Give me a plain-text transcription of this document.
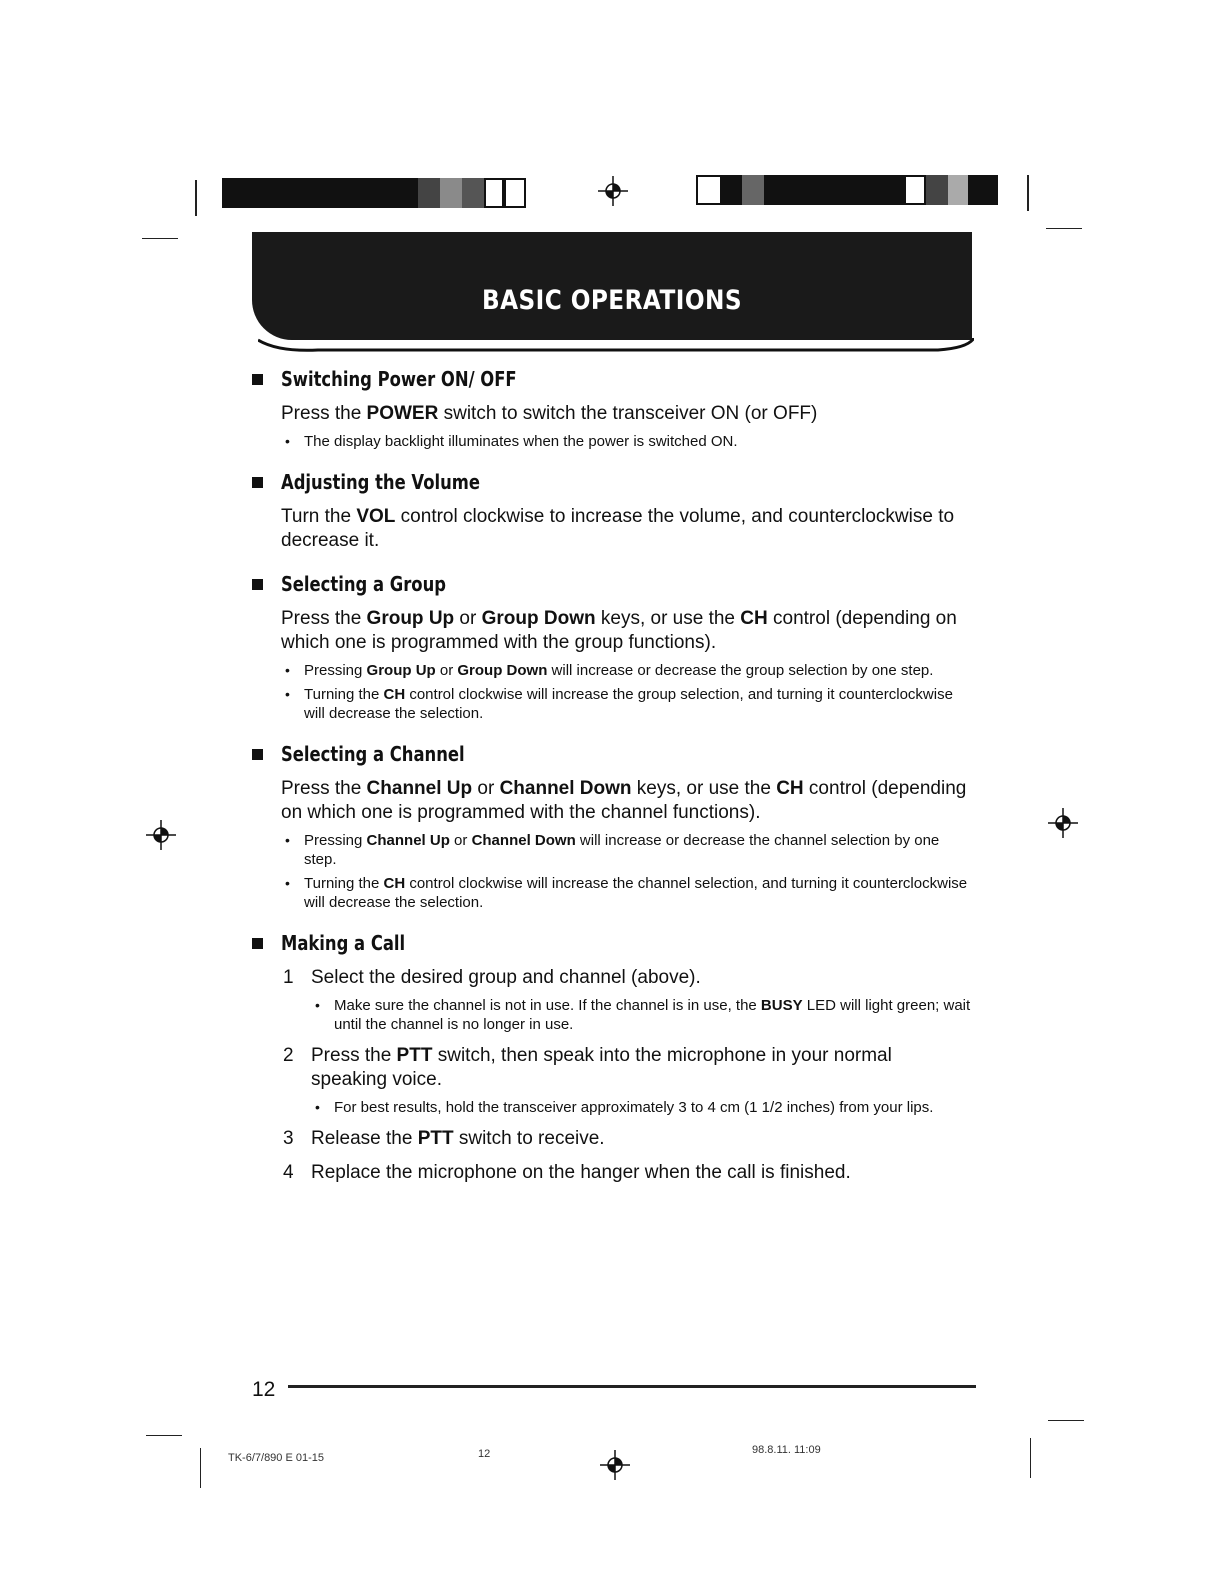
BASIC OPERATIONS
Switching Power ON/ OFF
Press the POWER switch to switch the transceiver ON (or OFF)
• The display backlight illuminates when the power is switched ON.
Adjusting the Volume
Turn the VOL control clockwise to increase the volume, and counterclockwise to decrease it.
Selecting a Group
Press the Group Up or Group Down keys, or use the CH control (depending on which one is programmed with the group functions).
• Pressing Group Up or Group Down will increase or decrease the group selection by one step.
• Turning the CH control clockwise will increase the group selection, and turning it counterclockwise will decrease the selection.
Selecting a Channel
Press the Channel Up or Channel Down keys, or use the CH control (depending on which one is programmed with the channel functions).
• Pressing Channel Up or Channel Down will increase or decrease the channel selection by one step.
• Turning the CH control clockwise will increase the channel selection, and turning it counterclockwise will decrease the selection.
Making a Call
1 Select the desired group and channel (above).
• Make sure the channel is not in use. If the channel is in use, the BUSY LED will light green; wait until the channel is no longer in use.
2 Press the PTT switch, then speak into the microphone in your normal speaking voice.
• For best results, hold the transceiver approximately 3 to 4 cm (1 1/2 inches) from your lips.
3 Release the PTT switch to receive.
4 Replace the microphone on the hanger when the call is finished.
12
TK-6/7/890 E 01-15	12	98.8.11. 11:09
